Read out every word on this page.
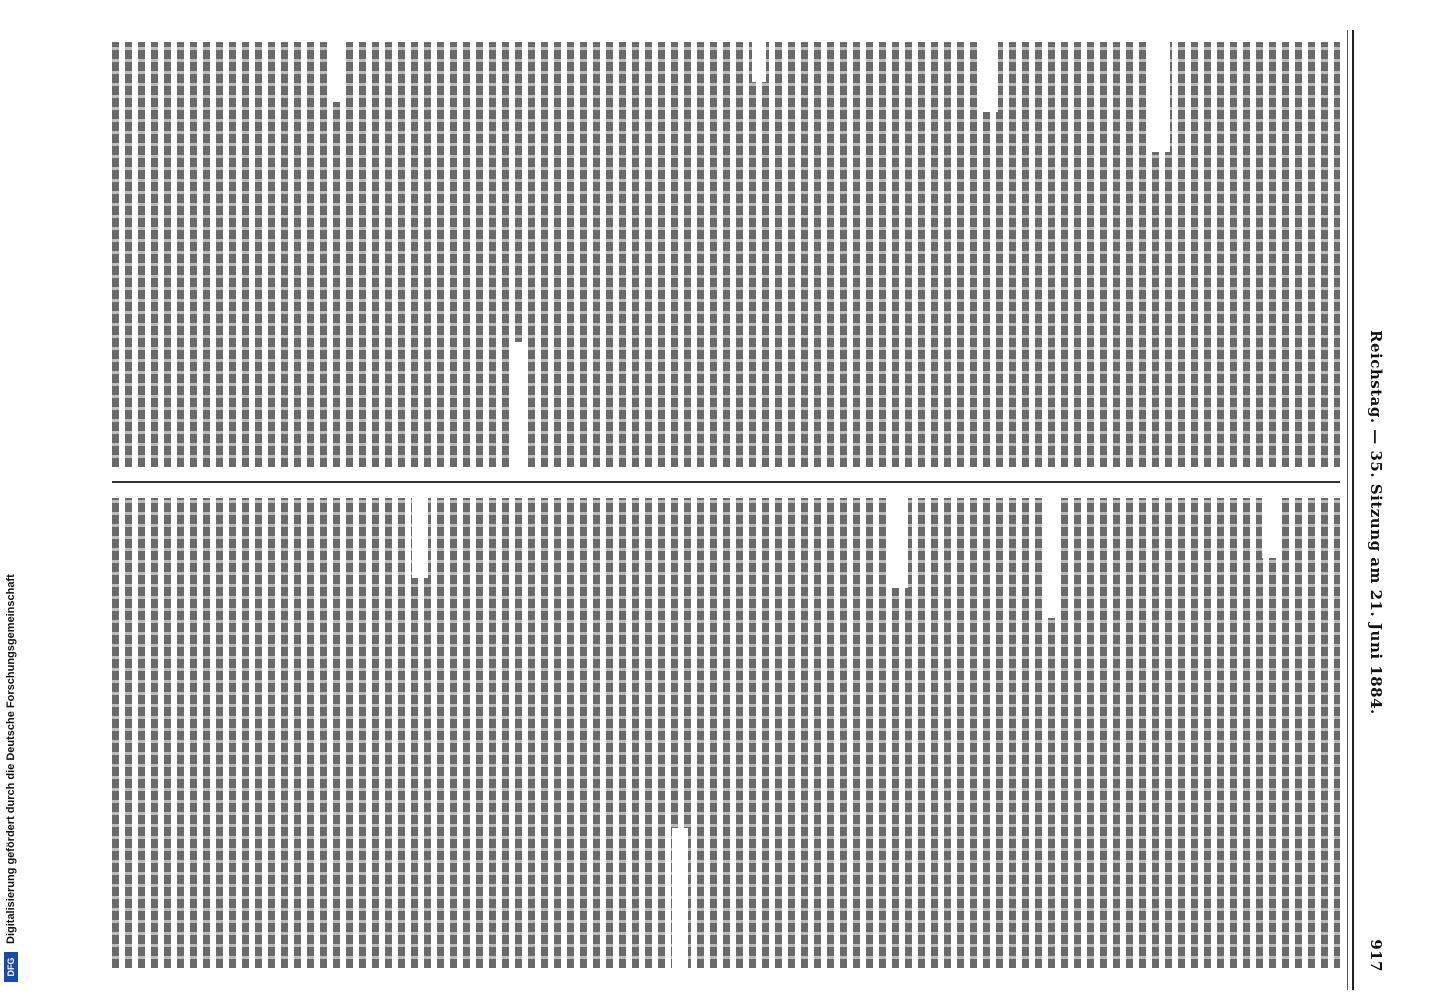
Reichstag. — 35. Sitzung am 21. Juni 1884.
917
DFG
Digitalisierung gefördert durch die Deutsche Forschungsgemeinschaft
